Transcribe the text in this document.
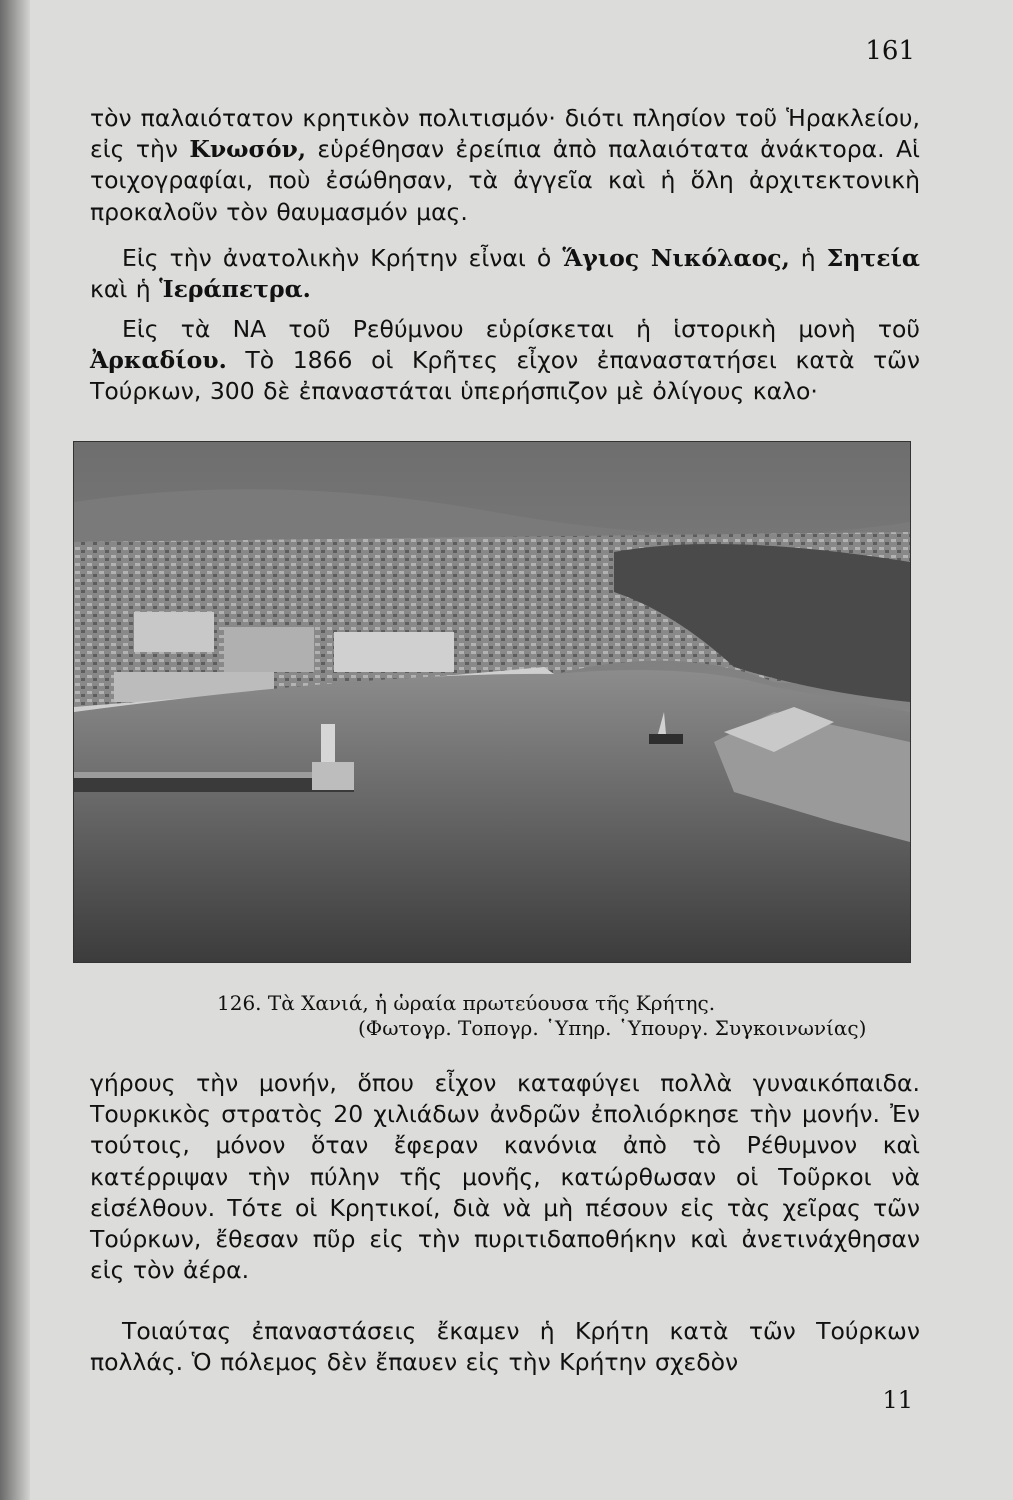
161

τὸν παλαιότατον κρητικὸν πολιτισμόν· διότι πλησίον τοῦ Ἡρακλείου, εἰς τὴν Κνωσόν, εὑρέθησαν ἐρείπια ἀπὸ παλαιότατα ἀνάκτορα. Αἱ τοιχογραφίαι, ποὺ ἐσώθησαν, τὰ ἀγγεῖα καὶ ἡ ὅλη ἀρχιτεκτονικὴ προκαλοῦν τὸν θαυμασμόν μας.

Εἰς τὴν ἀνατολικὴν Κρήτην εἶναι ὁ Ἅγιος Νικόλαος, ἡ Σητεία καὶ ἡ Ἱεράπετρα.

Εἰς τὰ ΝΑ τοῦ Ρεθύμνου εὑρίσκεται ἡ ἱστορικὴ μονὴ τοῦ Ἀρκαδίου. Τὸ 1866 οἱ Κρῆτες εἶχον ἐπαναστατήσει κατὰ τῶν Τούρκων, 300 δὲ ἐπαναστάται ὑπερήσπιζον μὲ ὀλίγους καλο·

126. Τὰ Χανιά, ἡ ὡραία πρωτεύουσα τῆς Κρήτης.
(Φωτογρ. Τοπογρ. ῾Υπηρ. ῾Υπουργ. Συγκοινωνίας)

γήρους τὴν μονήν, ὅπου εἶχον καταφύγει πολλὰ γυναικόπαιδα. Τουρκικὸς στρατὸς 20 χιλιάδων ἀνδρῶν ἐπολιόρκησε τὴν μονήν. Ἐν τούτοις, μόνον ὅταν ἔφεραν κανόνια ἀπὸ τὸ Ρέθυμνον καὶ κατέρριψαν τὴν πύλην τῆς μονῆς, κατώρθωσαν οἱ Τοῦρκοι νὰ εἰσέλθουν. Τότε οἱ Κρητικοί, διὰ νὰ μὴ πέσουν εἰς τὰς χεῖρας τῶν Τούρκων, ἔθεσαν πῦρ εἰς τὴν πυριτιδαποθήκην καὶ ἀνετινάχθησαν εἰς τὸν ἀέρα.

Τοιαύτας ἐπαναστάσεις ἔκαμεν ἡ Κρήτη κατὰ τῶν Τούρκων πολλάς. Ὁ πόλεμος δὲν ἔπαυεν εἰς τὴν Κρήτην σχεδὸν

11
